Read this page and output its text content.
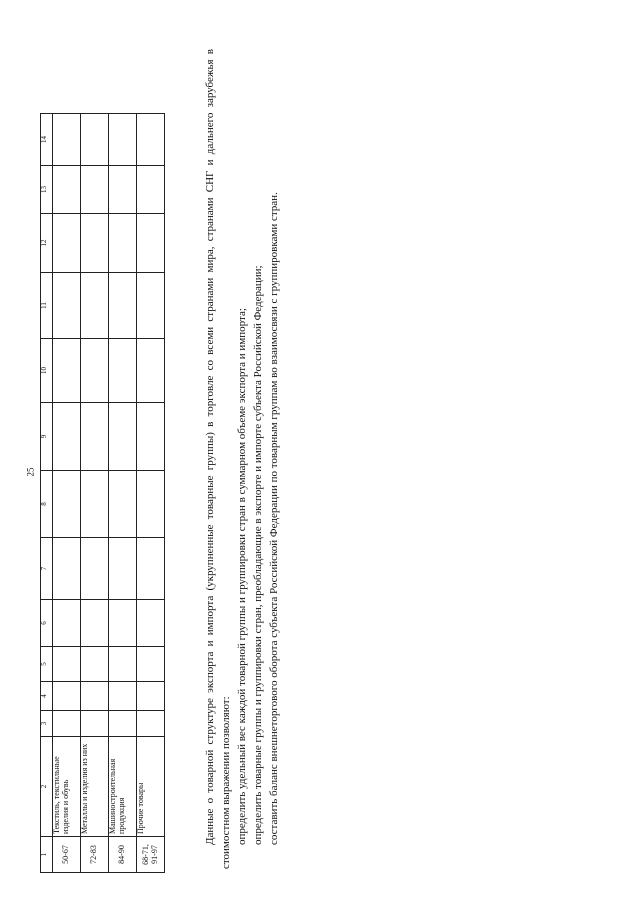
25
1	2	3	4	5	6	7	8	9	10	11	12	13	14
50-67	Текстиль, текстильные изделия и обувь												
72-83	Металлы и изделия из них												
84-90	Машиностроительная продукция												
68-71, 91-97	Прочие товары													Данные о товарной структуре экспорта и импорта (укрупненные товарные группы) в торговле со всеми странами мира, странами СНГ и дальнего зарубежья в стоимостном выражении позволяют: определить удельный вес каждой товарной группы и группировки стран в суммарном объеме экспорта и импорта; определить товарные группы и группировки стран, преобладающие в экспорте и импорте субъекта Российской Федерации; составить баланс внешнеторгового оборота субъекта Российской Федерации по товарным группам во взаимосвязи с группировками стран.
